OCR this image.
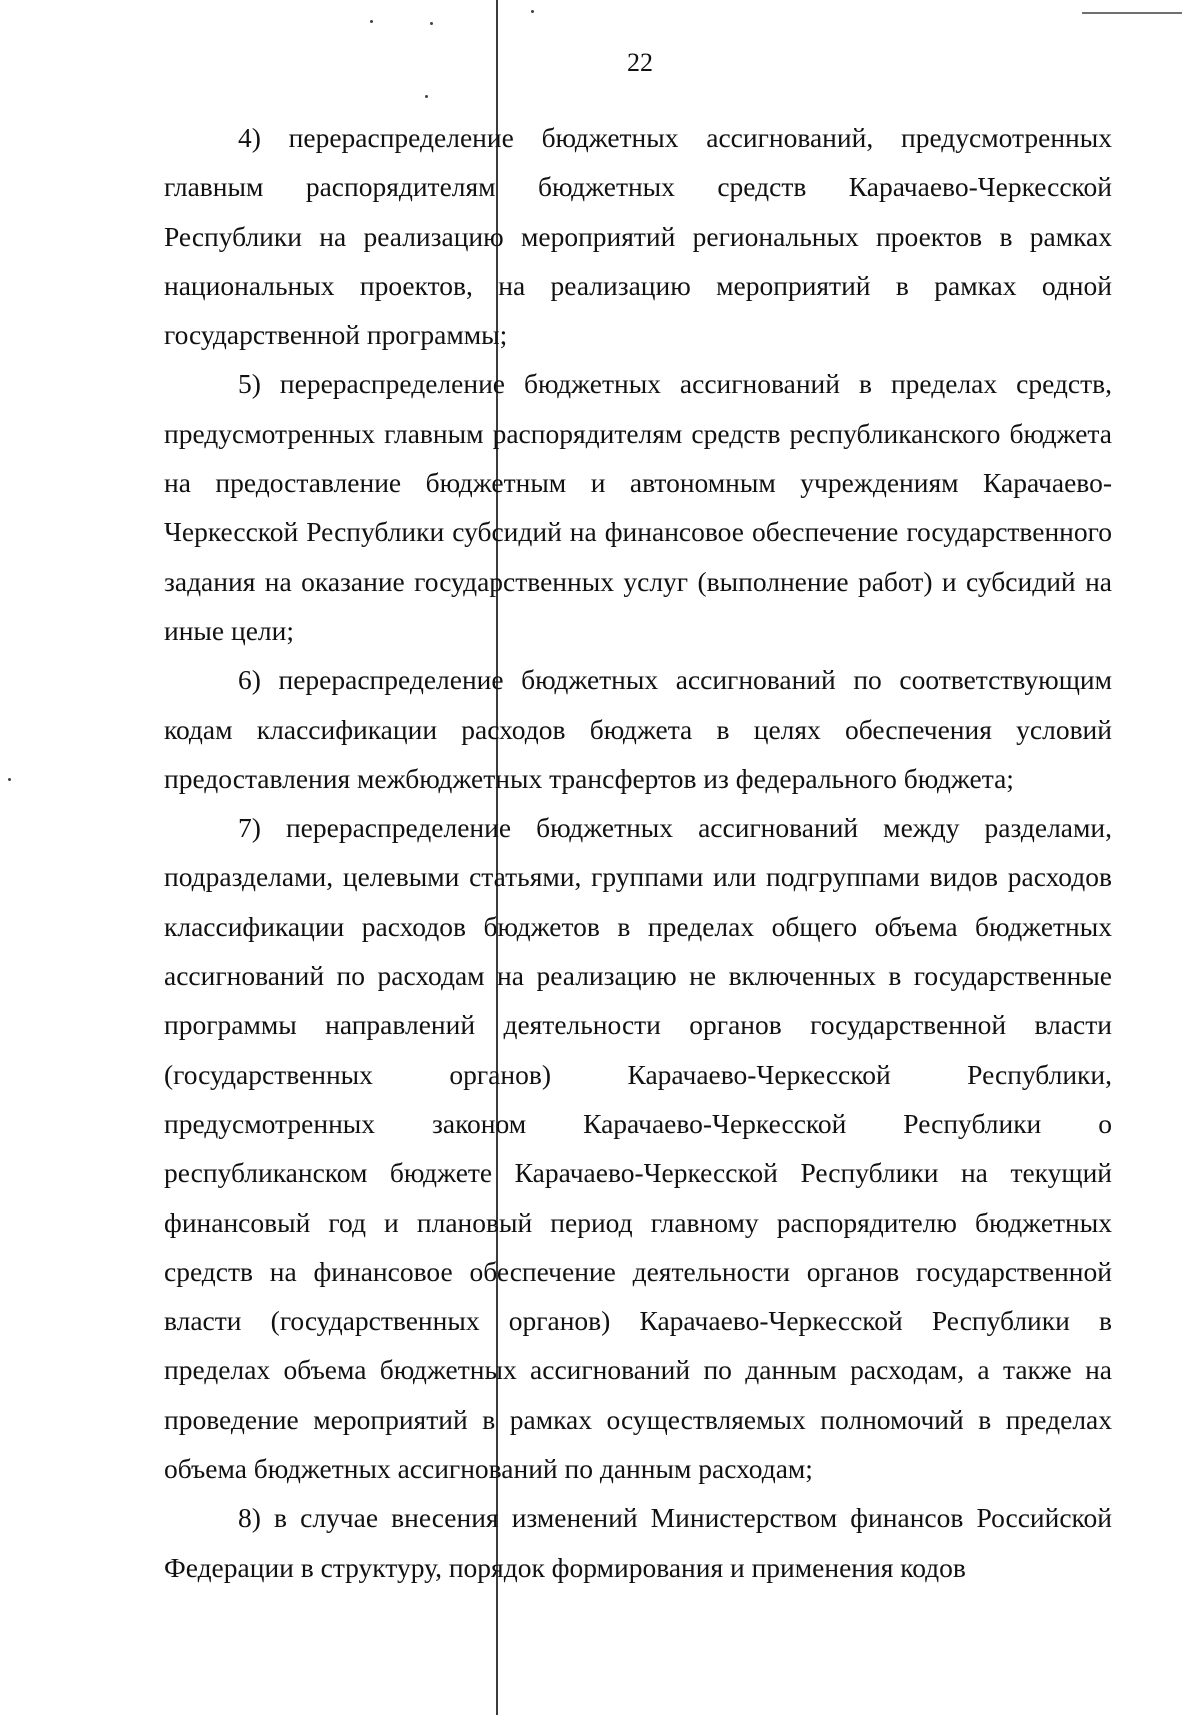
22

4) перераспределение бюджетных ассигнований, предусмотренных главным распорядителям бюджетных средств Карачаево-Черкесской Республики на реализацию мероприятий региональных проектов в рамках национальных проектов, на реализацию мероприятий в рамках одной государственной программы;

5) перераспределение бюджетных ассигнований в пределах средств, предусмотренных главным распорядителям средств республиканского бюджета на предоставление бюджетным и автономным учреждениям Карачаево-Черкесской Республики субсидий на финансовое обеспечение государственного задания на оказание государственных услуг (выполнение работ) и субсидий на иные цели;

6) перераспределение бюджетных ассигнований по соответствующим кодам классификации расходов бюджета в целях обеспечения условий предоставления межбюджетных трансфертов из федерального бюджета;

7) перераспределение бюджетных ассигнований между разделами, подразделами, целевыми статьями, группами или подгруппами видов расходов классификации расходов бюджетов в пределах общего объема бюджетных ассигнований по расходам на реализацию не включенных в государственные программы направлений деятельности органов государственной власти (государственных органов) Карачаево-Черкесской Республики, предусмотренных законом Карачаево-Черкесской Республики о республиканском бюджете Карачаево-Черкесской Республики на текущий финансовый год и плановый период главному распорядителю бюджетных средств на финансовое обеспечение деятельности органов государственной власти (государственных органов) Карачаево-Черкесской Республики в пределах объема бюджетных ассигнований по данным расходам, а также на проведение мероприятий в рамках осуществляемых полномочий в пределах объема бюджетных ассигнований по данным расходам;

8) в случае внесения изменений Министерством финансов Российской Федерации в структуру, порядок формирования и применения кодов
